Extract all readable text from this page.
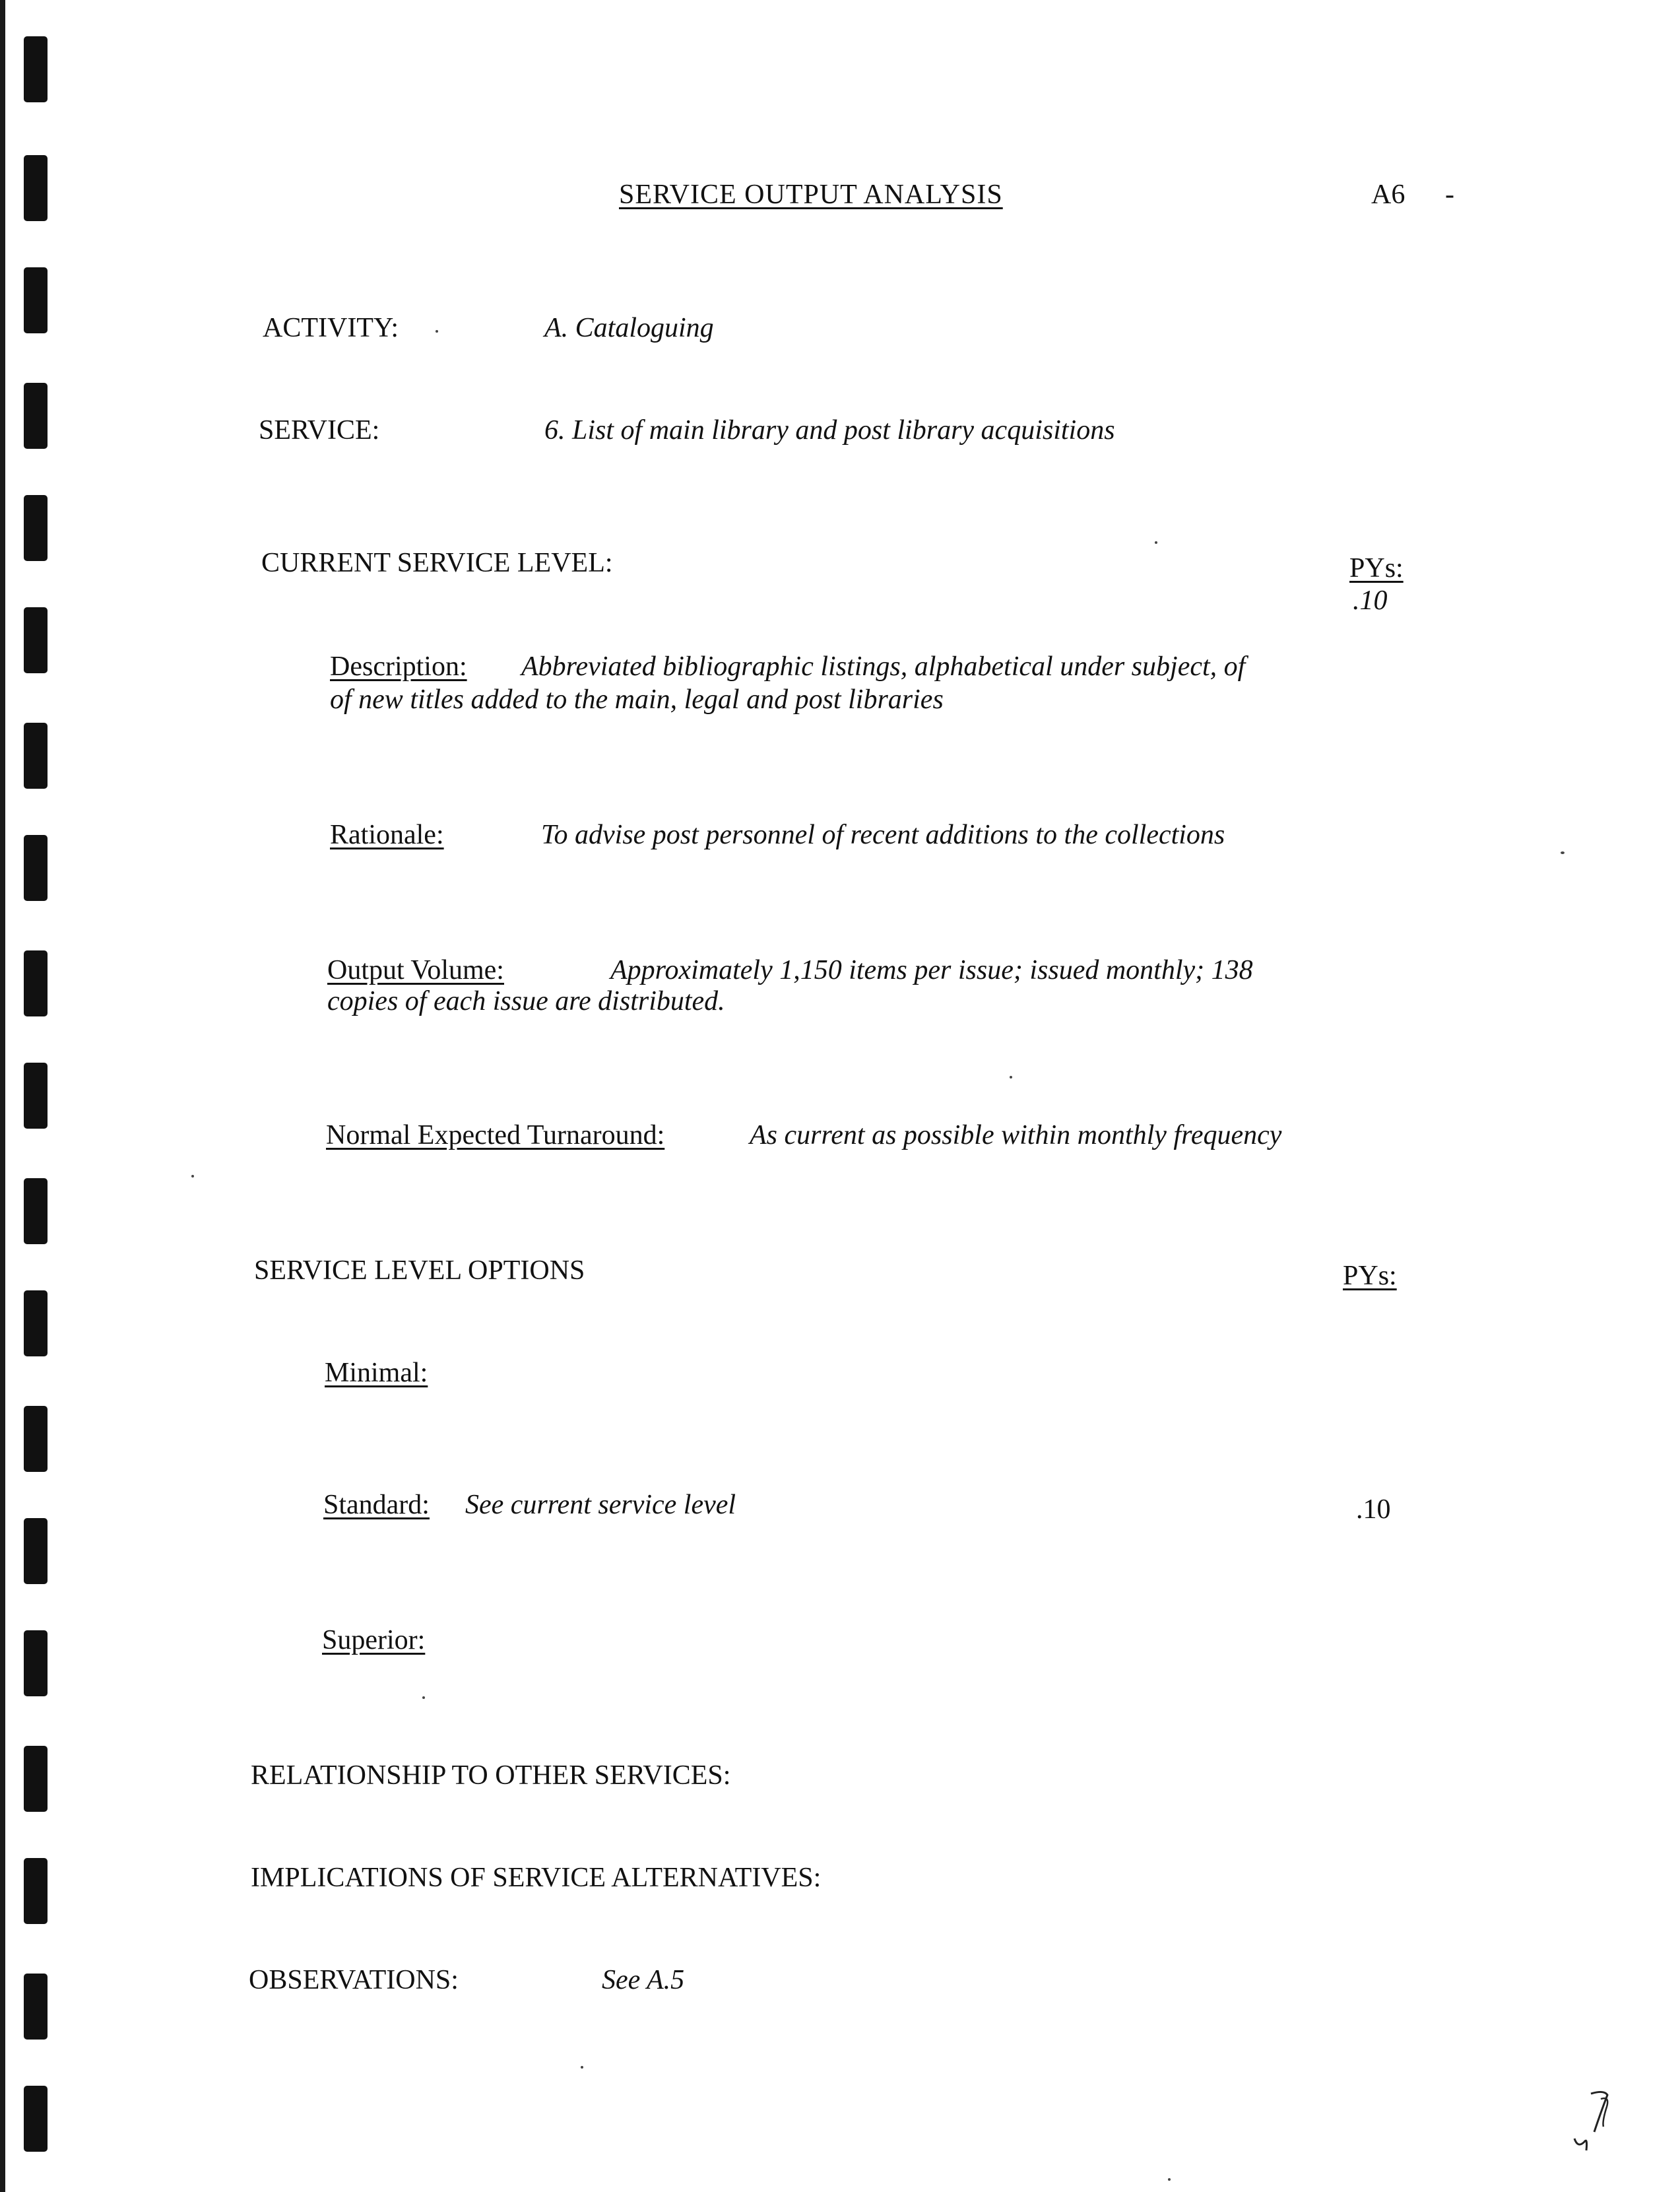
SERVICE OUTPUT ANALYSIS	A6 -
ACTIVITY:	A. Cataloguing
SERVICE:	6. List of main library and post library acquisitions
CURRENT SERVICE LEVEL:	PYs:
.10
Description: Abbreviated bibliographic listings, alphabetical under subject, of
of new titles added to the main, legal and post libraries
Rationale:	To advise post personnel of recent additions to the collections
Output Volume:	Approximately 1,150 items per issue; issued monthly; 138
copies of each issue are distributed.
Normal Expected Turnaround:	As current as possible within monthly frequency
SERVICE LEVEL OPTIONS	PYs:
Minimal:
Standard: See current service level	.10
Superior:
RELATIONSHIP TO OTHER SERVICES:
IMPLICATIONS OF SERVICE ALTERNATIVES:
OBSERVATIONS:	See A.5
